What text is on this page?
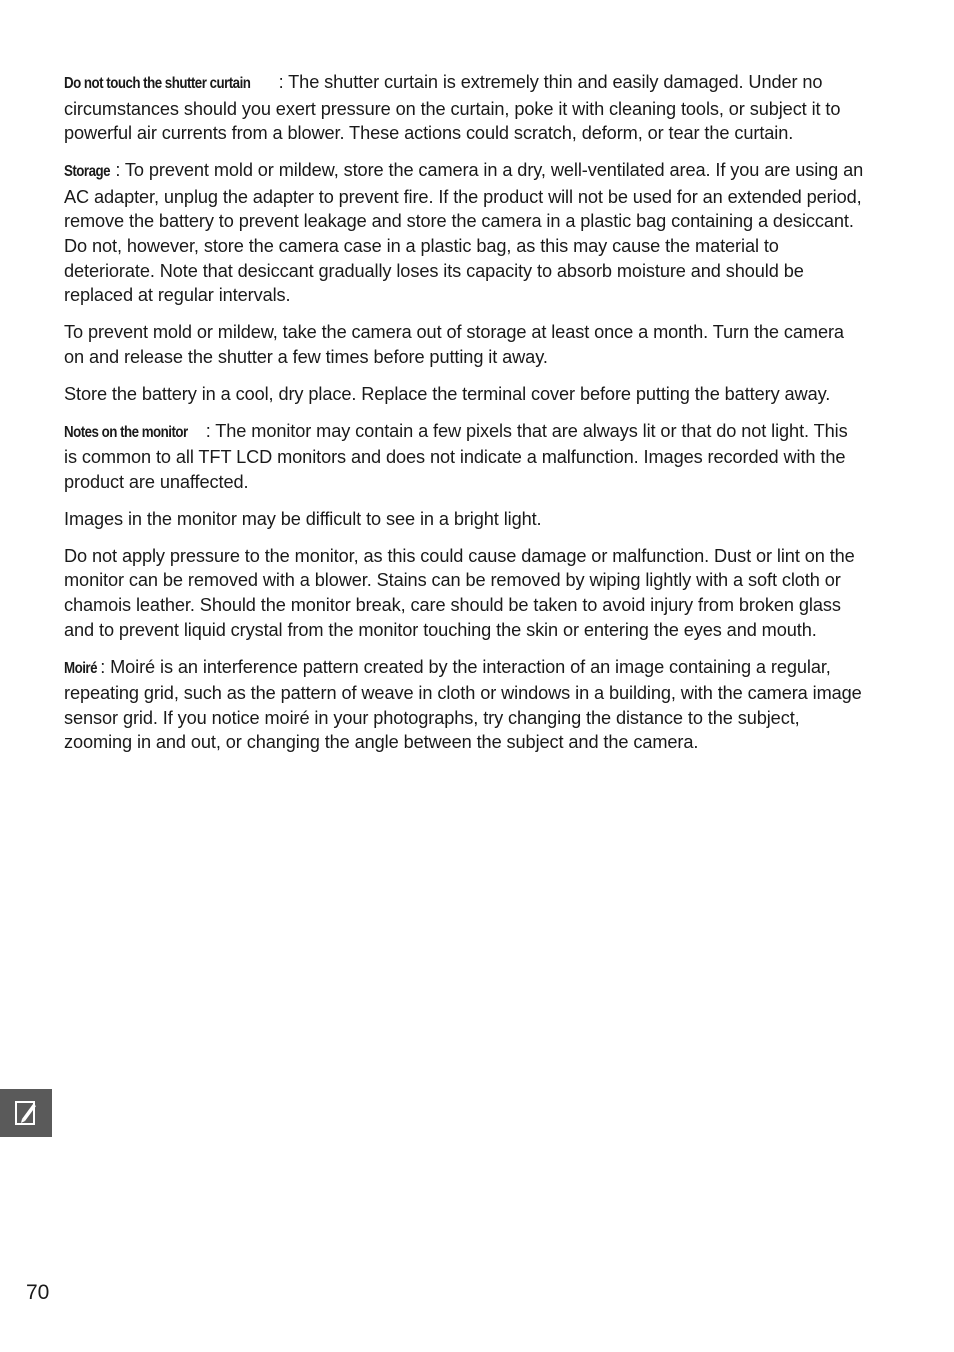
Do not touch the shutter curtain : The shutter curtain is extremely thin and easily damaged. Under no circumstances should you exert pressure on the curtain, poke it with cleaning tools, or subject it to powerful air currents from a blower. These actions could scratch, deform, or tear the curtain.

Storage : To prevent mold or mildew, store the camera in a dry, well-ventilated area. If you are using an AC adapter, unplug the adapter to prevent fire. If the product will not be used for an extended period, remove the battery to prevent leakage and store the camera in a plastic bag containing a desiccant. Do not, however, store the camera case in a plastic bag, as this may cause the material to deteriorate. Note that desiccant gradually loses its capacity to absorb moisture and should be replaced at regular intervals.

To prevent mold or mildew, take the camera out of storage at least once a month. Turn the camera on and release the shutter a few times before putting it away.

Store the battery in a cool, dry place. Replace the terminal cover before putting the battery away.

Notes on the monitor : The monitor may contain a few pixels that are always lit or that do not light. This is common to all TFT LCD monitors and does not indicate a malfunction. Images recorded with the product are unaffected.

Images in the monitor may be difficult to see in a bright light.

Do not apply pressure to the monitor, as this could cause damage or malfunction. Dust or lint on the monitor can be removed with a blower. Stains can be removed by wiping lightly with a soft cloth or chamois leather. Should the monitor break, care should be taken to avoid injury from broken glass and to prevent liquid crystal from the monitor touching the skin or entering the eyes and mouth.

Moiré : Moiré is an interference pattern created by the interaction of an image containing a regular, repeating grid, such as the pattern of weave in cloth or windows in a building, with the camera image sensor grid. If you notice moiré in your photographs, try changing the distance to the subject, zooming in and out, or changing the angle between the subject and the camera.

70
